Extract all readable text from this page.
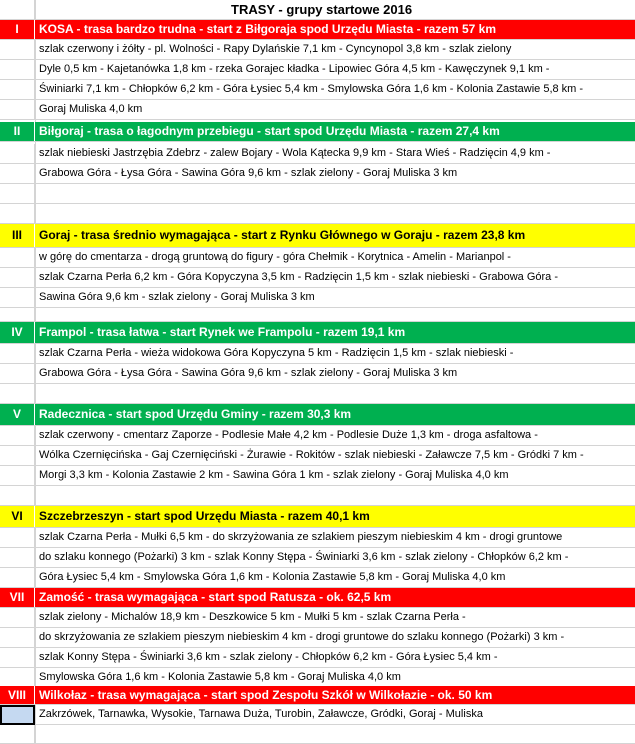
TRASY - grupy startowe 2016
I	KOSA - trasa bardzo trudna - start z Biłgoraja spod Urzędu Miasta - razem 57 km
szlak czerwony i żółty - pl. Wolności - Rapy Dylańskie 7,1 km - Cyncynopol 3,8 km - szlak zielony
Dyle 0,5 km - Kajetanówka 1,8 km - rzeka Gorajec kładka - Lipowiec Góra 4,5 km - Kawęczynek 9,1 km -
Świniarki 7,1 km - Chłopków 6,2 km - Góra Łysiec 5,4 km - Smylowska Góra 1,6 km - Kolonia Zastawie 5,8 km -
Goraj Muliska 4,0 km
II	Biłgoraj - trasa o łagodnym przebiegu - start spod Urzędu Miasta - razem 27,4 km
szlak niebieski Jastrzębia Zdebrz - zalew Bojary - Wola Kątecka 9,9 km - Stara Wieś - Radzięcin 4,9 km -
Grabowa Góra - Łysa Góra - Sawina Góra 9,6 km - szlak zielony - Goraj Muliska 3 km
III	Goraj - trasa średnio wymagająca - start z Rynku Głównego w Goraju - razem 23,8 km
w górę do cmentarza - drogą gruntową do figury - góra Chełmik - Korytnica - Amelin - Marianpol -
szlak Czarna Perła 6,2 km - Góra Kopyczyna 3,5 km - Radzięcin 1,5 km - szlak niebieski - Grabowa Góra -
Sawina Góra 9,6 km - szlak zielony - Goraj Muliska 3 km
IV	Frampol - trasa łatwa - start Rynek we Frampolu - razem 19,1 km
szlak Czarna Perła - wieża widokowa Góra Kopyczyna 5 km - Radzięcin 1,5 km - szlak niebieski -
Grabowa Góra - Łysa Góra - Sawina Góra 9,6 km - szlak zielony - Goraj Muliska 3 km
V	Radecznica - start spod Urzędu Gminy - razem 30,3 km
szlak czerwony - cmentarz Zaporze - Podlesie Małe 4,2 km - Podlesie Duże 1,3 km - droga asfaltowa -
Wólka Czernięcińska - Gaj Czernięciński - Żurawie - Rokitów - szlak niebieski - Załawcze 7,5 km - Gródki 7 km -
Morgi 3,3 km - Kolonia Zastawie 2 km - Sawina Góra 1 km - szlak zielony - Goraj Muliska 4,0 km
VI	Szczebrzeszyn - start spod Urzędu Miasta - razem 40,1 km
szlak Czarna Perła - Mułki 6,5 km - do skrzyżowania ze szlakiem pieszym niebieskim 4 km - drogi gruntowe
do szlaku konnego (Pożarki) 3 km - szlak Konny Stępa - Świniarki 3,6 km - szlak zielony - Chłopków 6,2 km -
Góra Łysiec 5,4 km - Smylowska Góra 1,6 km - Kolonia Zastawie 5,8 km - Goraj Muliska 4,0 km
VII	Zamość - trasa wymagająca - start spod Ratusza - ok. 62,5 km
szlak zielony - Michalów 18,9 km - Deszkowice 5 km - Mułki 5 km - szlak Czarna Perła -
do skrzyżowania ze szlakiem pieszym niebieskim 4 km - drogi gruntowe do szlaku konnego (Pożarki) 3 km -
szlak Konny Stępa - Świniarki 3,6 km - szlak zielony - Chłopków 6,2 km - Góra Łysiec 5,4 km -
Smylowska Góra 1,6 km - Kolonia Zastawie 5,8 km - Goraj Muliska 4,0 km
VIII	Wilkołaz - trasa wymagająca - start spod Zespołu Szkół w Wilkołazie - ok. 50 km
Zakrzówek, Tarnawka, Wysokie, Tarnawa Duża, Turobin, Załawcze, Gródki, Goraj - Muliska
